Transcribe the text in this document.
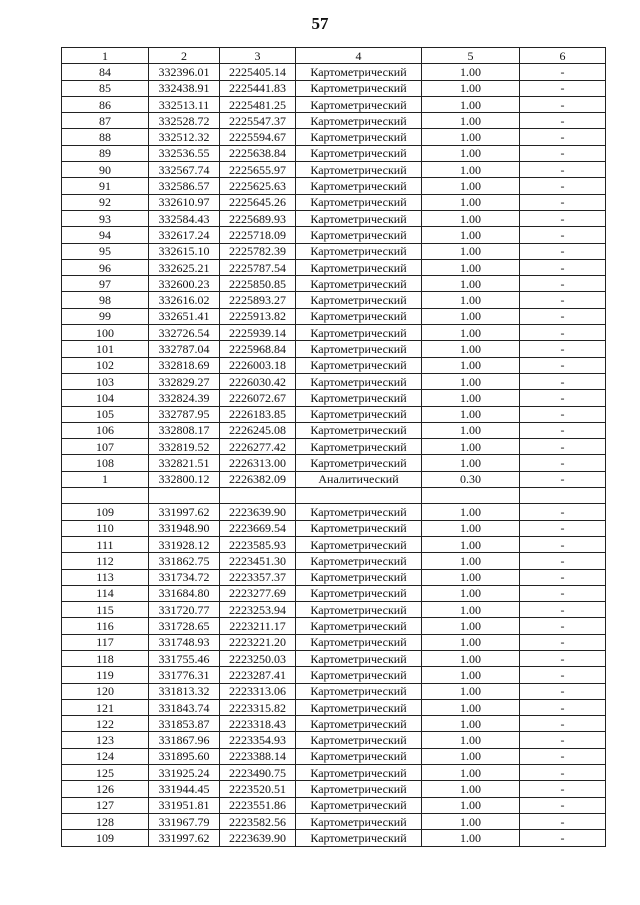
57
1	2	3	4	5	6
84	332396.01	2225405.14	Картометрический	1.00	-
85	332438.91	2225441.83	Картометрический	1.00	-
86	332513.11	2225481.25	Картометрический	1.00	-
87	332528.72	2225547.37	Картометрический	1.00	-
88	332512.32	2225594.67	Картометрический	1.00	-
89	332536.55	2225638.84	Картометрический	1.00	-
90	332567.74	2225655.97	Картометрический	1.00	-
91	332586.57	2225625.63	Картометрический	1.00	-
92	332610.97	2225645.26	Картометрический	1.00	-
93	332584.43	2225689.93	Картометрический	1.00	-
94	332617.24	2225718.09	Картометрический	1.00	-
95	332615.10	2225782.39	Картометрический	1.00	-
96	332625.21	2225787.54	Картометрический	1.00	-
97	332600.23	2225850.85	Картометрический	1.00	-
98	332616.02	2225893.27	Картометрический	1.00	-
99	332651.41	2225913.82	Картометрический	1.00	-
100	332726.54	2225939.14	Картометрический	1.00	-
101	332787.04	2225968.84	Картометрический	1.00	-
102	332818.69	2226003.18	Картометрический	1.00	-
103	332829.27	2226030.42	Картометрический	1.00	-
104	332824.39	2226072.67	Картометрический	1.00	-
105	332787.95	2226183.85	Картометрический	1.00	-
106	332808.17	2226245.08	Картометрический	1.00	-
107	332819.52	2226277.42	Картометрический	1.00	-
108	332821.51	2226313.00	Картометрический	1.00	-
1	332800.12	2226382.09	Аналитический	0.30	-

109	331997.62	2223639.90	Картометрический	1.00	-
110	331948.90	2223669.54	Картометрический	1.00	-
111	331928.12	2223585.93	Картометрический	1.00	-
112	331862.75	2223451.30	Картометрический	1.00	-
113	331734.72	2223357.37	Картометрический	1.00	-
114	331684.80	2223277.69	Картометрический	1.00	-
115	331720.77	2223253.94	Картометрический	1.00	-
116	331728.65	2223211.17	Картометрический	1.00	-
117	331748.93	2223221.20	Картометрический	1.00	-
118	331755.46	2223250.03	Картометрический	1.00	-
119	331776.31	2223287.41	Картометрический	1.00	-
120	331813.32	2223313.06	Картометрический	1.00	-
121	331843.74	2223315.82	Картометрический	1.00	-
122	331853.87	2223318.43	Картометрический	1.00	-
123	331867.96	2223354.93	Картометрический	1.00	-
124	331895.60	2223388.14	Картометрический	1.00	-
125	331925.24	2223490.75	Картометрический	1.00	-
126	331944.45	2223520.51	Картометрический	1.00	-
127	331951.81	2223551.86	Картометрический	1.00	-
128	331967.79	2223582.56	Картометрический	1.00	-
109	331997.62	2223639.90	Картометрический	1.00	-
